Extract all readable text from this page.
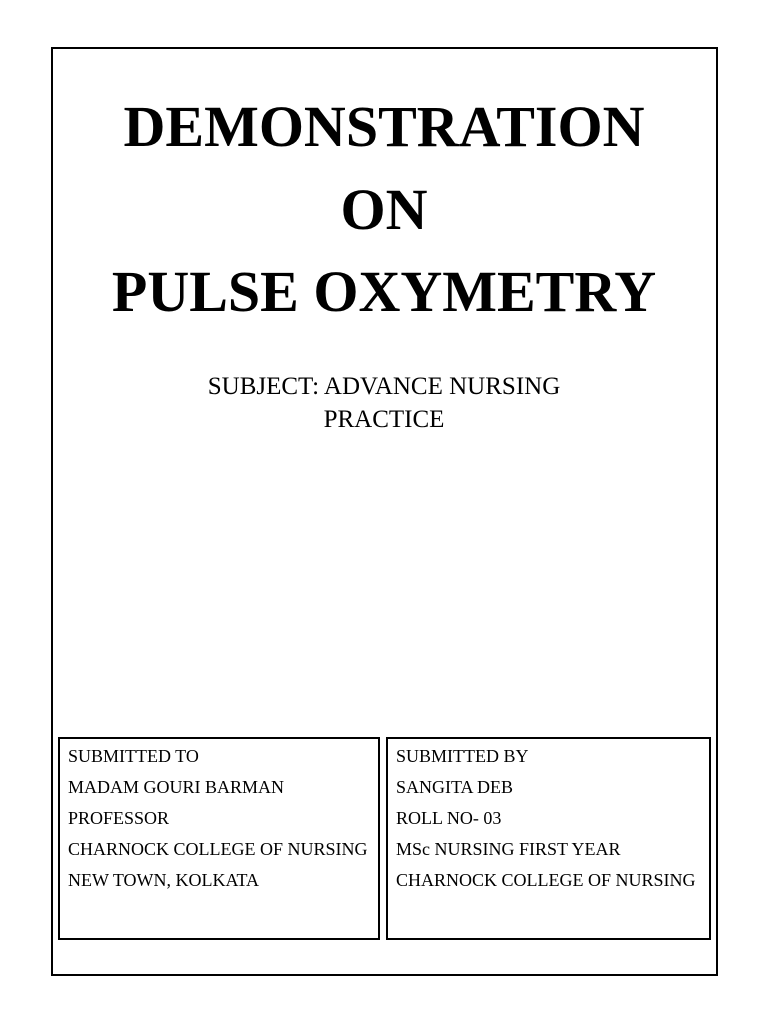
DEMONSTRATION
ON
PULSE OXYMETRY
SUBJECT: ADVANCE NURSING
PRACTICE
SUBMITTED TO
MADAM GOURI BARMAN
PROFESSOR
CHARNOCK COLLEGE OF NURSING
NEW TOWN, KOLKATA
SUBMITTED BY
SANGITA DEB
ROLL NO- 03
MSc NURSING FIRST YEAR
CHARNOCK COLLEGE OF NURSING
